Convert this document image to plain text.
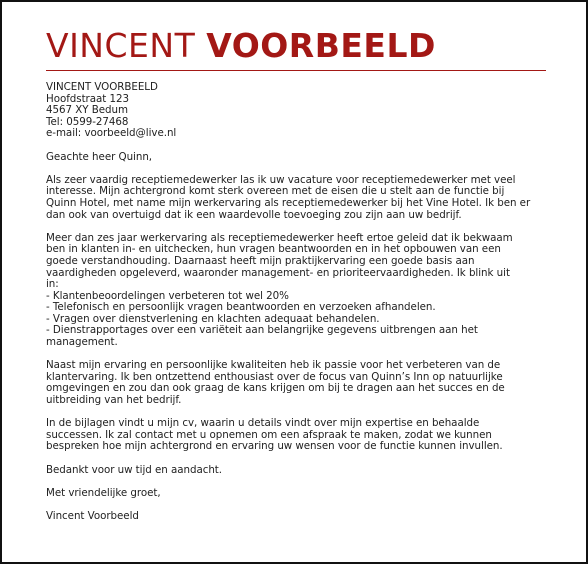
VINCENT VOORBEELD
VINCENT VOORBEELD
Hoofdstraat 123
4567 XY Bedum
Tel: 0599-27468
e-mail: voorbeeld@live.nl
Geachte heer Quinn,
Als zeer vaardig receptiemedewerker las ik uw vacature voor receptiemedewerker met veel
interesse. Mijn achtergrond komt sterk overeen met de eisen die u stelt aan de functie bij
Quinn Hotel, met name mijn werkervaring als receptiemedewerker bij het Vine Hotel. Ik ben er
dan ook van overtuigd dat ik een waardevolle toevoeging zou zijn aan uw bedrijf.
Meer dan zes jaar werkervaring als receptiemedewerker heeft ertoe geleid dat ik bekwaam
ben in klanten in- en uitchecken, hun vragen beantwoorden en in het opbouwen van een
goede verstandhouding. Daarnaast heeft mijn praktijkervaring een goede basis aan
vaardigheden opgeleverd, waaronder management- en prioriteervaardigheden. Ik blink uit
in:
- Klantenbeoordelingen verbeteren tot wel 20%
- Telefonisch en persoonlijk vragen beantwoorden en verzoeken afhandelen.
- Vragen over dienstverlening en klachten adequaat behandelen.
- Dienstrapportages over een variëteit aan belangrijke gegevens uitbrengen aan het
management.
Naast mijn ervaring en persoonlijke kwaliteiten heb ik passie voor het verbeteren van de
klantervaring. Ik ben ontzettend enthousiast over de focus van Quinn’s Inn op natuurlijke
omgevingen en zou dan ook graag de kans krijgen om bij te dragen aan het succes en de
uitbreiding van het bedrijf.
In de bijlagen vindt u mijn cv, waarin u details vindt over mijn expertise en behaalde
successen. Ik zal contact met u opnemen om een afspraak te maken, zodat we kunnen
bespreken hoe mijn achtergrond en ervaring uw wensen voor de functie kunnen invullen.
Bedankt voor uw tijd en aandacht.
Met vriendelijke groet,
Vincent Voorbeeld
